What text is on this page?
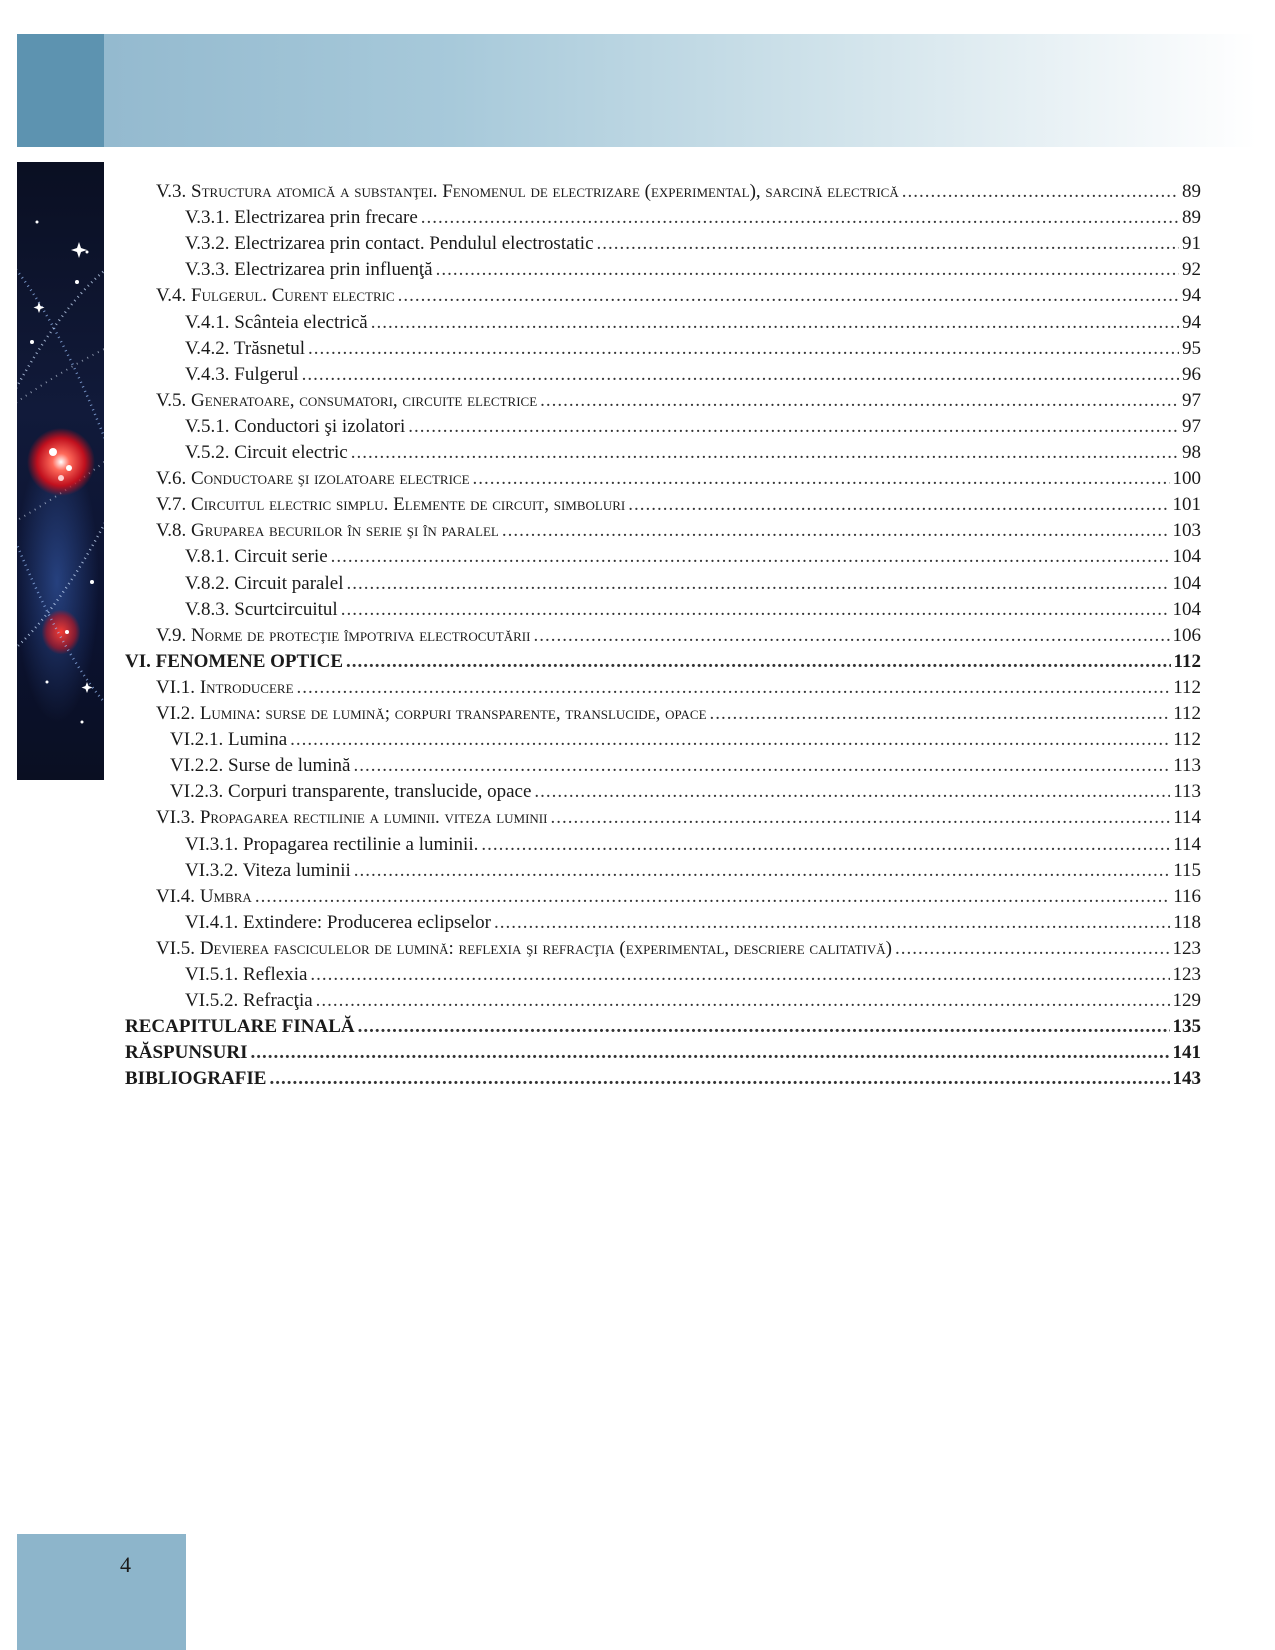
V.3. Structura atomică a substanţei. Fenomenul de electrizare (experimental), sarcină electrică .....	89
V.3.1. Electrizarea prin frecare .....	89
V.3.2. Electrizarea prin contact. Pendulul electrostatic .....	91
V.3.3. Electrizarea prin influenţă .....	92
V.4. Fulgerul. Curent electric .....	94
V.4.1. Scânteia electrică .....	94
V.4.2. Trăsnetul .....	95
V.4.3. Fulgerul .....	96
V.5. Generatoare, consumatori, circuite electrice .....	97
V.5.1. Conductori şi izolatori .....	97
V.5.2. Circuit electric .....	98
V.6. Conductoare şi izolatoare electrice .....	100
V.7. Circuitul electric simplu. Elemente de circuit, simboluri .....	101
V.8. Gruparea becurilor în serie şi în paralel .....	103
V.8.1. Circuit serie .....	104
V.8.2. Circuit paralel .....	104
V.8.3. Scurtcircuitul .....	104
V.9. Norme de protecţie împotriva electrocutării .....	106
VI. FENOMENE OPTICE .....	112
VI.1. Introducere .....	112
VI.2. Lumina: surse de lumină; corpuri transparente, translucide, opace .....	112
VI.2.1. Lumina .....	112
VI.2.2. Surse de lumină .....	113
VI.2.3. Corpuri transparente, translucide, opace .....	113
VI.3. Propagarea rectilinie a luminii. viteza luminii .....	114
VI.3.1. Propagarea rectilinie a luminii. .....	114
VI.3.2. Viteza luminii .....	115
VI.4. Umbra .....	116
VI.4.1. Extindere: Producerea eclipselor .....	118
VI.5. Devierea fasciculelor de lumină: reflexia şi refracţia (experimental, descriere calitativă) .....	123
VI.5.1. Reflexia .....	123
VI.5.2. Refracţia .....	129
RECAPITULARE FINALĂ .....	135
RĂSPUNSURI .....	141
BIBLIOGRAFIE .....	143
4
